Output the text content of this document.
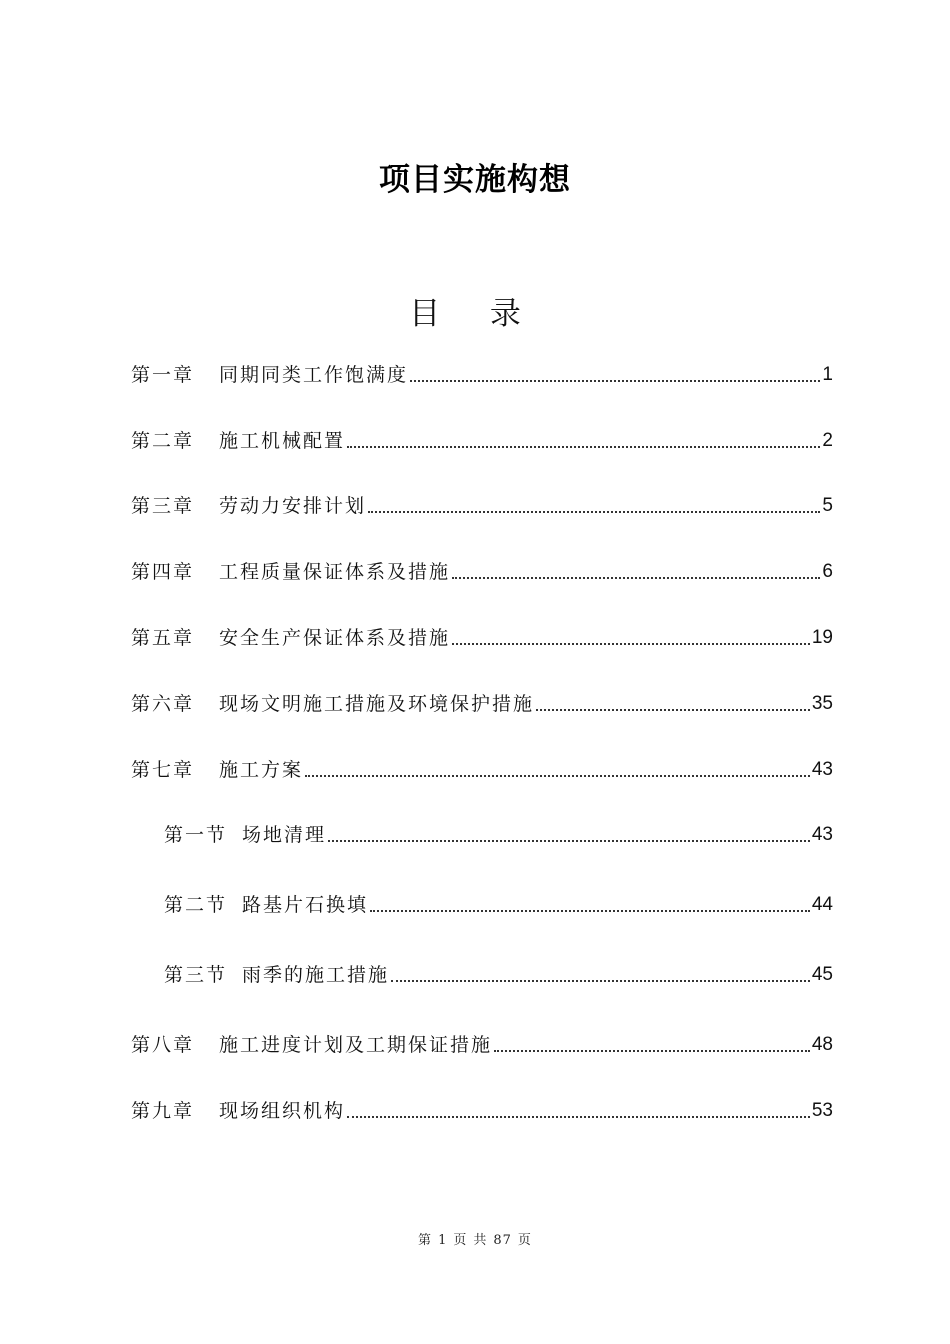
项目实施构想
目 录
第一章	同期同类工作饱满度	1
第二章	施工机械配置	2
第三章	劳动力安排计划	5
第四章	工程质量保证体系及措施	6
第五章	安全生产保证体系及措施	19
第六章	现场文明施工措施及环境保护措施	35
第七章	施工方案	43
第一节 场地清理	43
第二节 路基片石换填	44
第三节 雨季的施工措施	45
第八章	施工进度计划及工期保证措施	48
第九章	现场组织机构	53
第 1 页 共 87 页
